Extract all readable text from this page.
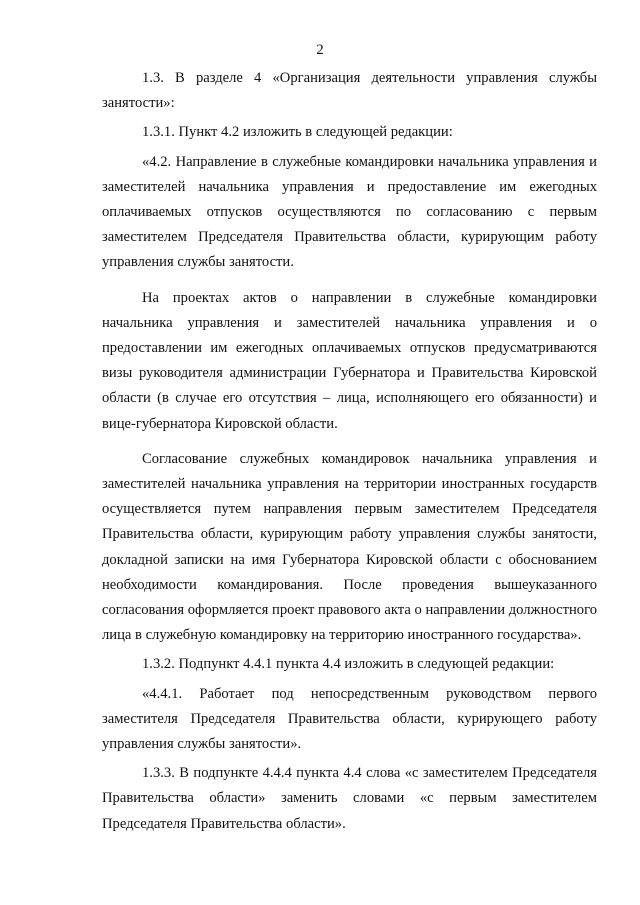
2

1.3. В разделе 4 «Организация деятельности управления службы занятости»:

1.3.1. Пункт 4.2 изложить в следующей редакции:

«4.2. Направление в служебные командировки начальника управления и заместителей начальника управления и предоставление им ежегодных оплачиваемых отпусков осуществляются по согласованию с первым заместителем Председателя Правительства области, курирующим работу управления службы занятости.

На проектах актов о направлении в служебные командировки начальника управления и заместителей начальника управления и о предоставлении им ежегодных оплачиваемых отпусков предусматриваются визы руководителя администрации Губернатора и Правительства Кировской области (в случае его отсутствия – лица, исполняющего его обязанности) и вице-губернатора Кировской области.

Согласование служебных командировок начальника управления и заместителей начальника управления на территории иностранных государств осуществляется путем направления первым заместителем Председателя Правительства области, курирующим работу управления службы занятости, докладной записки на имя Губернатора Кировской области с обоснованием необходимости командирования. После проведения вышеуказанного согласования оформляется проект правового акта о направлении должностного лица в служебную командировку на территорию иностранного государства».

1.3.2. Подпункт 4.4.1 пункта 4.4 изложить в следующей редакции:

«4.4.1. Работает под непосредственным руководством первого заместителя Председателя Правительства области, курирующего работу управления службы занятости».

1.3.3. В подпункте 4.4.4 пункта 4.4 слова «с заместителем Председателя Правительства области» заменить словами «с первым заместителем Председателя Правительства области».
